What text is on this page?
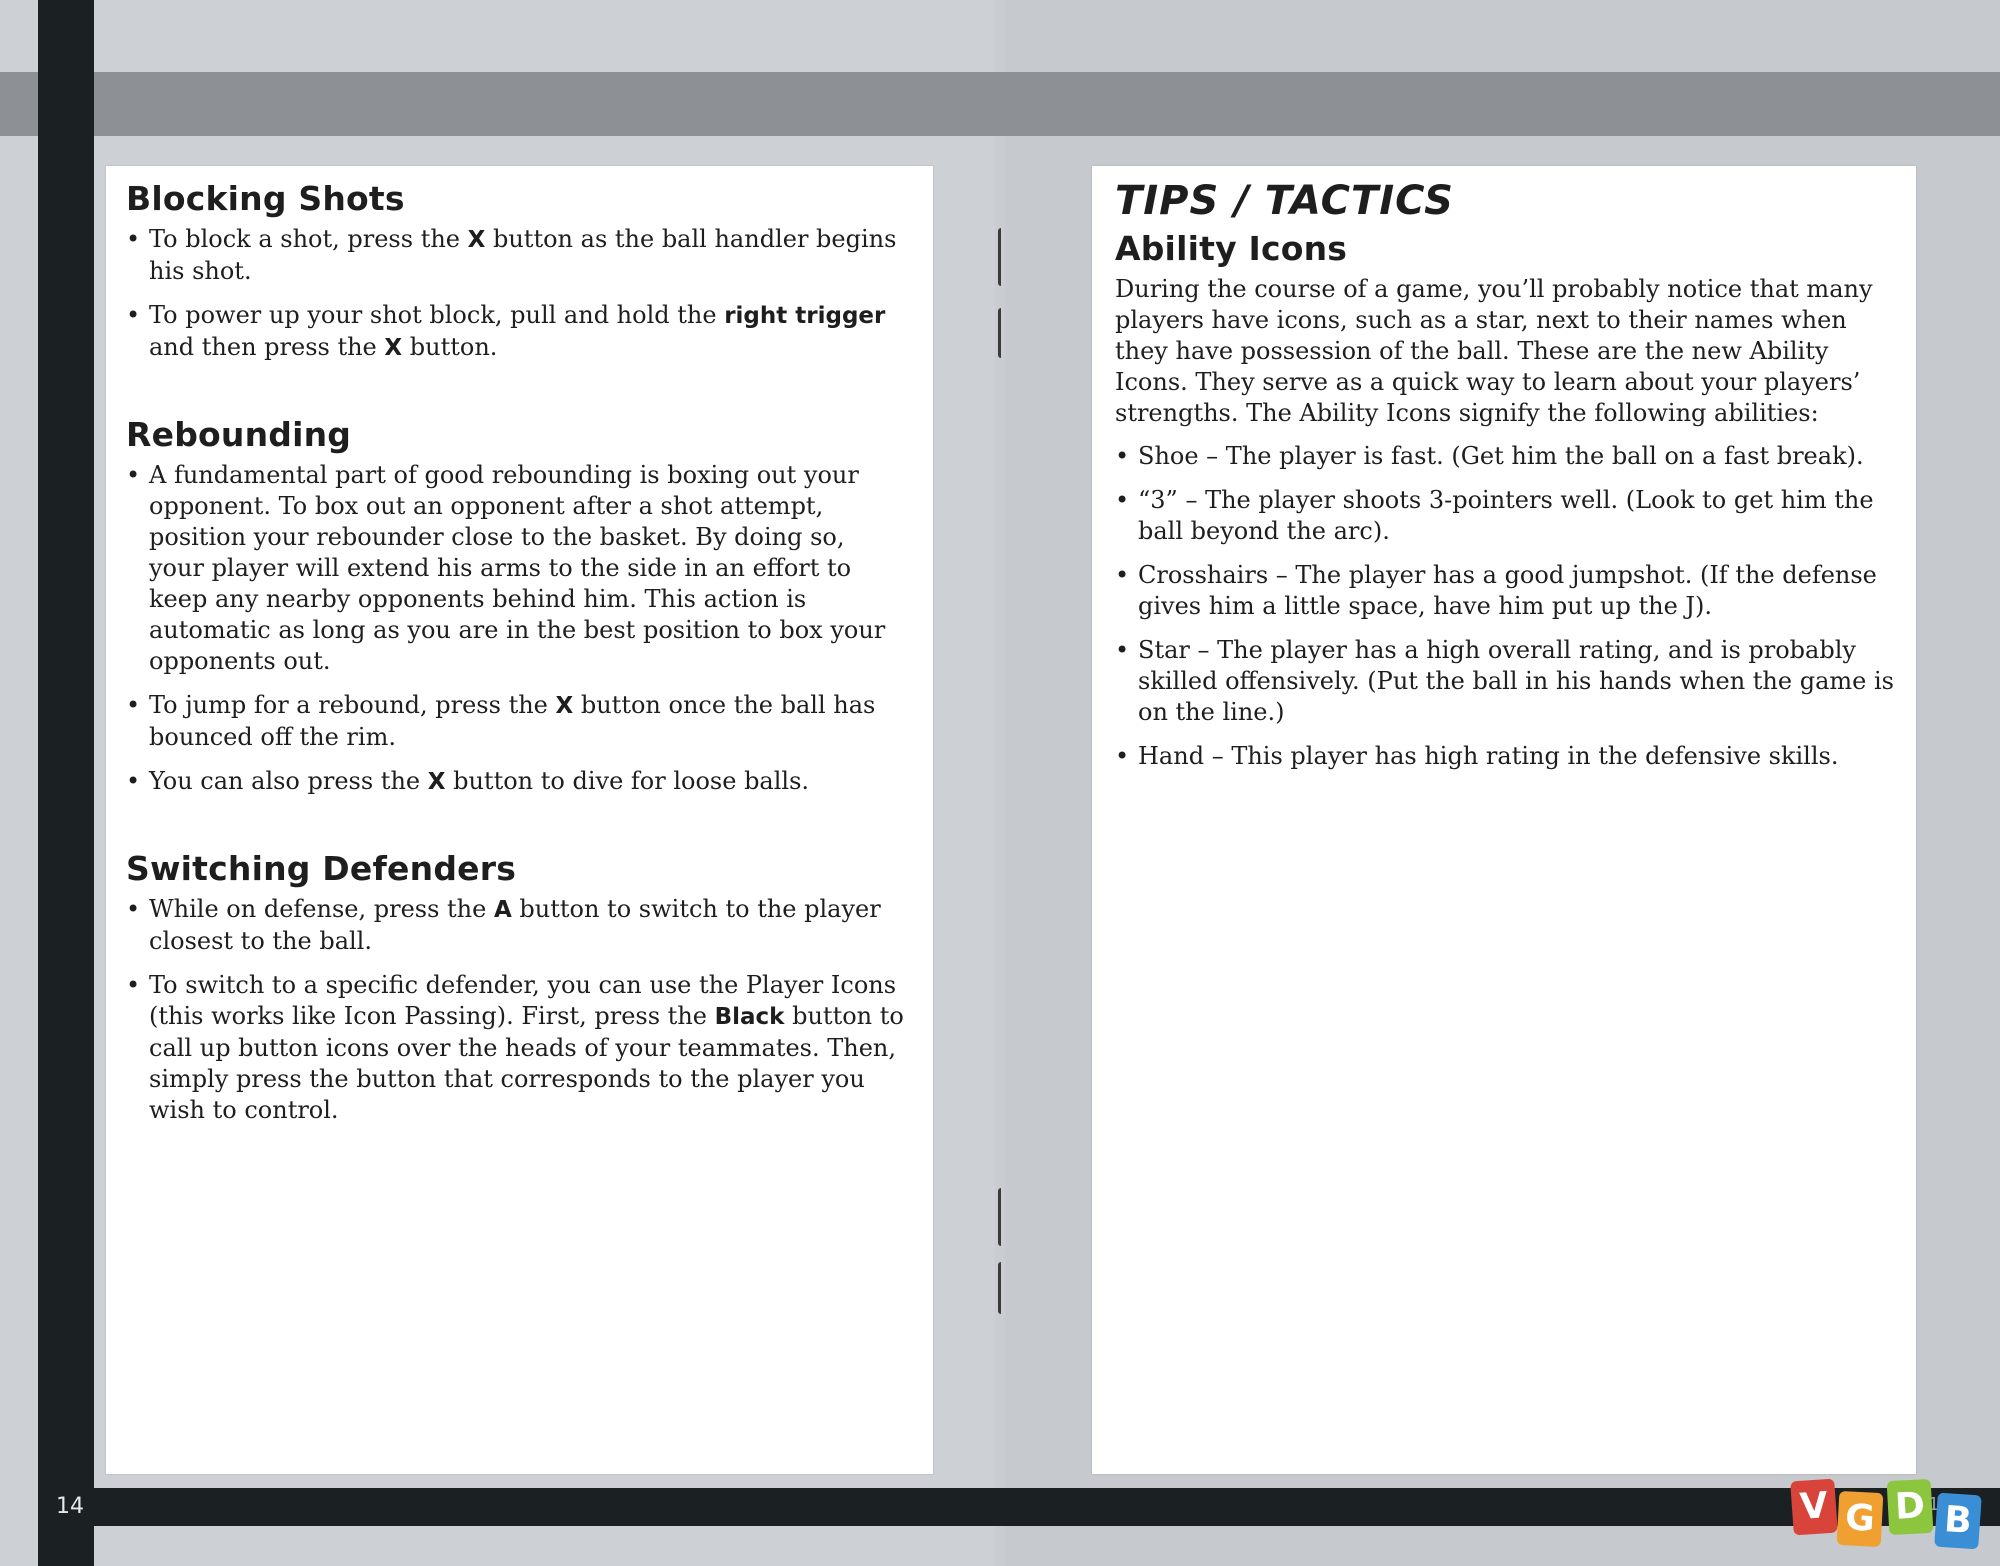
Blocking Shots
• To block a shot, press the X button as the ball handler begins his shot.
• To power up your shot block, pull and hold the right trigger and then press the X button.
Rebounding
• A fundamental part of good rebounding is boxing out your opponent. To box out an opponent after a shot attempt, position your rebounder close to the basket. By doing so, your player will extend his arms to the side in an effort to keep any nearby opponents behind him. This action is automatic as long as you are in the best position to box your opponents out.
• To jump for a rebound, press the X button once the ball has bounced off the rim.
• You can also press the X button to dive for loose balls.
Switching Defenders
• While on defense, press the A button to switch to the player closest to the ball.
• To switch to a specific defender, you can use the Player Icons (this works like Icon Passing). First, press the Black button to call up button icons over the heads of your teammates. Then, simply press the button that corresponds to the player you wish to control.
TIPS / TACTICS
Ability Icons

During the course of a game, you’ll probably notice that many players have icons, such as a star, next to their names when they have possession of the ball. These are the new Ability Icons. They serve as a quick way to learn about your players’ strengths. The Ability Icons signify the following abilities:

• Shoe – The player is fast. (Get him the ball on a fast break).
• “3” – The player shoots 3-pointers well. (Look to get him the ball beyond the arc).
• Crosshairs – The player has a good jumpshot. (If the defense gives him a little space, have him put up the J).
• Star – The player has a high overall rating, and is probably skilled offensively. (Put the ball in his hands when the game is on the line.)
• Hand – This player has high rating in the defensive skills.
14	V G D B
